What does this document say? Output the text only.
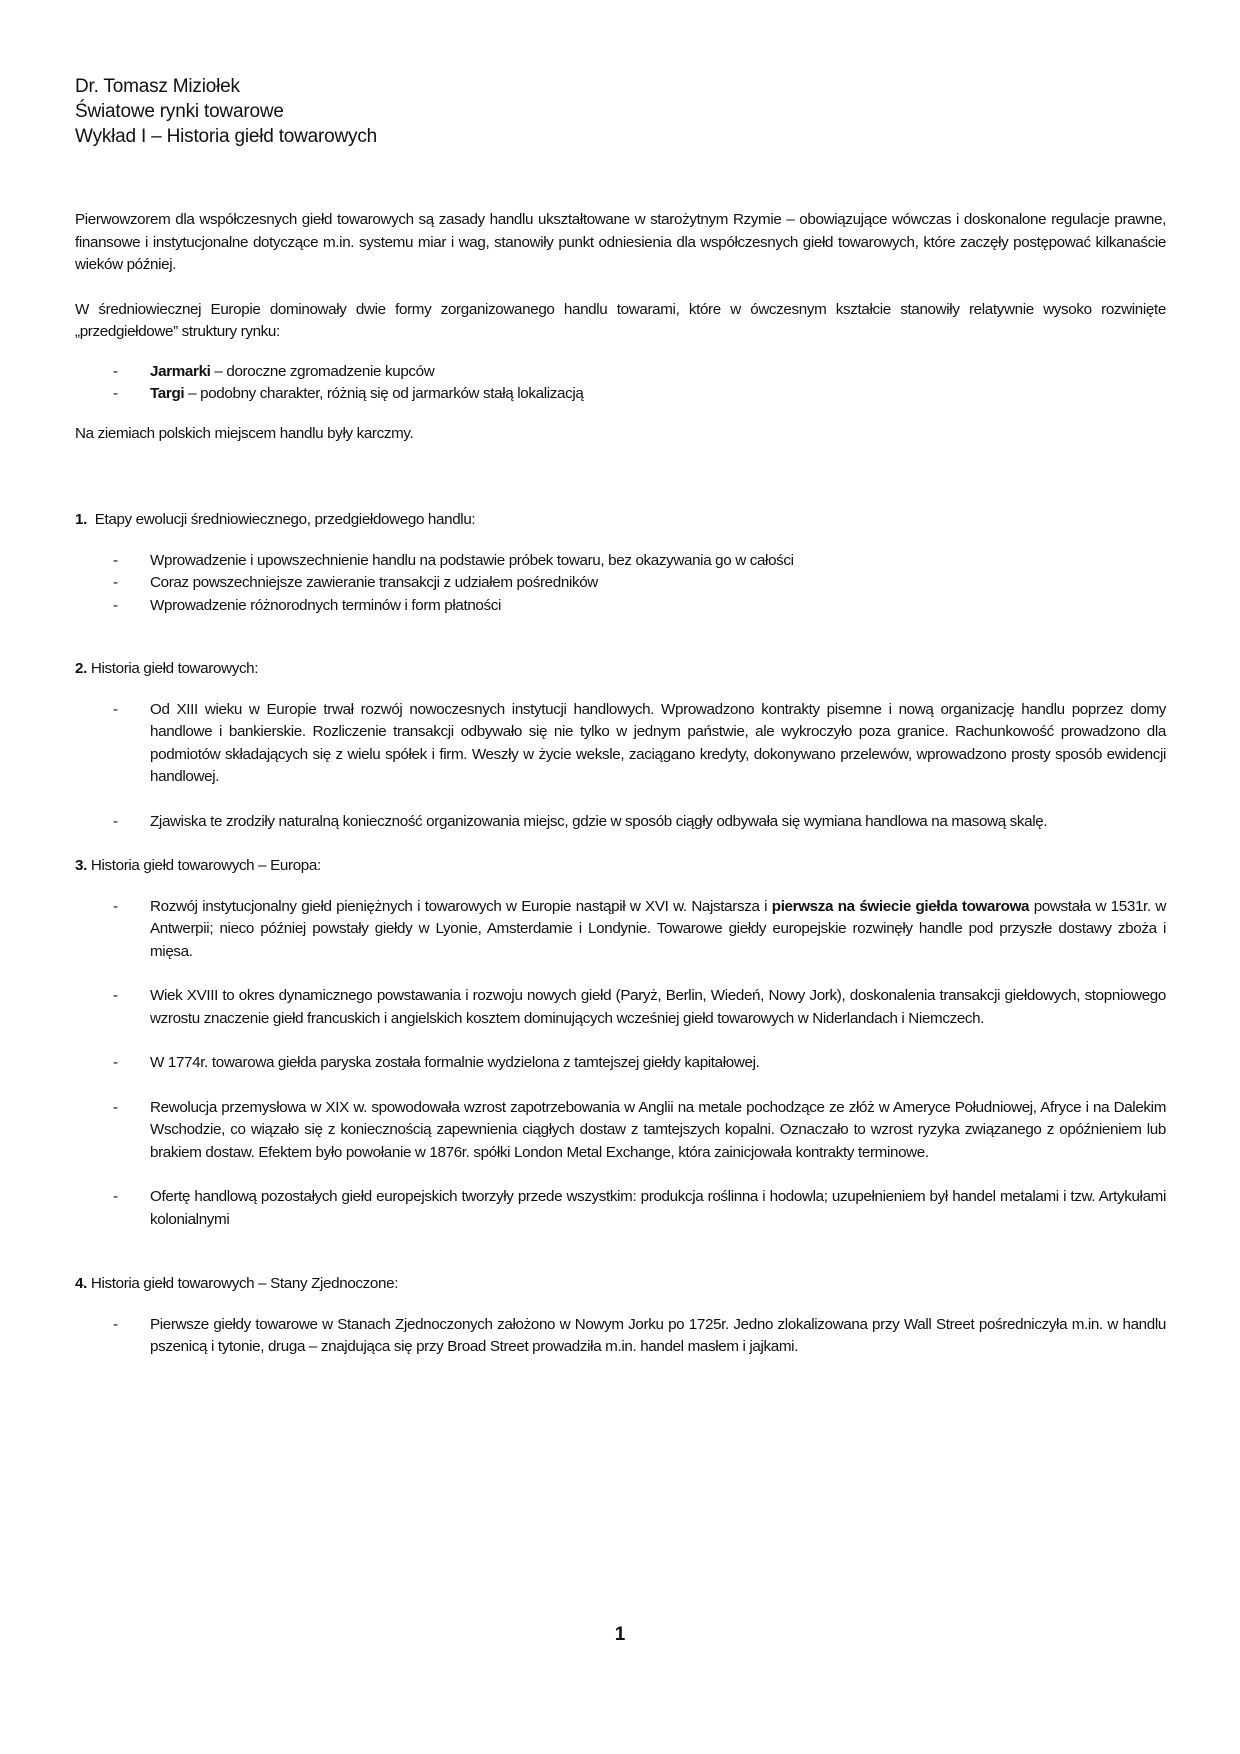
Dr. Tomasz Miziołek
Światowe rynki towarowe
Wykład I – Historia giełd towarowych

Pierwowzorem dla współczesnych giełd towarowych są zasady handlu ukształtowane w starożytnym Rzymie – obowiązujące wówczas i doskonalone regulacje prawne, finansowe i instytucjonalne dotyczące m.in. systemu miar i wag, stanowiły punkt odniesienia dla współczesnych giełd towarowych, które zaczęły postępować kilkanaście wieków później.

W średniowiecznej Europie dominowały dwie formy zorganizowanego handlu towarami, które w ówczesnym kształcie stanowiły relatywnie wysoko rozwinięte „przedgiełdowe” struktury rynku:

- Jarmarki – doroczne zgromadzenie kupców
- Targi – podobny charakter, różnią się od jarmarków stałą lokalizacją

Na ziemiach polskich miejscem handlu były karczmy.

1.  Etapy ewolucji średniowiecznego, przedgiełdowego handlu:
- Wprowadzenie i upowszechnienie handlu na podstawie próbek towaru, bez okazywania go w całości
- Coraz powszechniejsze zawieranie transakcji z udziałem pośredników
- Wprowadzenie różnorodnych terminów i form płatności
2. Historia giełd towarowych:
- Od XIII wieku w Europie trwał rozwój nowoczesnych instytucji handlowych. Wprowadzono kontrakty pisemne i nową organizację handlu poprzez domy handlowe i bankierskie. Rozliczenie transakcji odbywało się nie tylko w jednym państwie, ale wykroczyło poza granice. Rachunkowość prowadzono dla podmiotów składających się z wielu spółek i firm. Weszły w życie weksle, zaciągano kredyty, dokonywano przelewów, wprowadzono prosty sposób ewidencji handlowej.
- Zjawiska te zrodziły naturalną konieczność organizowania miejsc, gdzie w sposób ciągły odbywała się wymiana handlowa na masową skalę.
3. Historia giełd towarowych – Europa:
- Rozwój instytucjonalny giełd pieniężnych i towarowych w Europie nastąpił w XVI w. Najstarsza i pierwsza na świecie giełda towarowa powstała w 1531r. w Antwerpii; nieco później powstały giełdy w Lyonie, Amsterdamie i Londynie. Towarowe giełdy europejskie rozwinęły handle pod przyszłe dostawy zboża i mięsa.
- Wiek XVIII to okres dynamicznego powstawania i rozwoju nowych giełd (Paryż, Berlin, Wiedeń, Nowy Jork), doskonalenia transakcji giełdowych, stopniowego wzrostu znaczenie giełd francuskich i angielskich kosztem dominujących wcześniej giełd towarowych w Niderlandach i Niemczech.
- W 1774r. towarowa giełda paryska została formalnie wydzielona z tamtejszej giełdy kapitałowej.
- Rewolucja przemysłowa w XIX w. spowodowała wzrost zapotrzebowania w Anglii na metale pochodzące ze złóż w Ameryce Południowej, Afryce i na Dalekim Wschodzie, co wiązało się z koniecznością zapewnienia ciągłych dostaw z tamtejszych kopalni. Oznaczało to wzrost ryzyka związanego z opóźnieniem lub brakiem dostaw. Efektem było powołanie w 1876r. spółki London Metal Exchange, która zainicjowała kontrakty terminowe.
- Ofertę handlową pozostałych giełd europejskich tworzyły przede wszystkim: produkcja roślinna i hodowla; uzupełnieniem był handel metalami i tzw. Artykułami kolonialnymi
4. Historia giełd towarowych – Stany Zjednoczone:
- Pierwsze giełdy towarowe w Stanach Zjednoczonych założono w Nowym Jorku po 1725r. Jedno zlokalizowana przy Wall Street pośredniczyła m.in. w handlu pszenicą i tytonie, druga – znajdująca się przy Broad Street prowadziła m.in. handel masłem i jajkami.
1
